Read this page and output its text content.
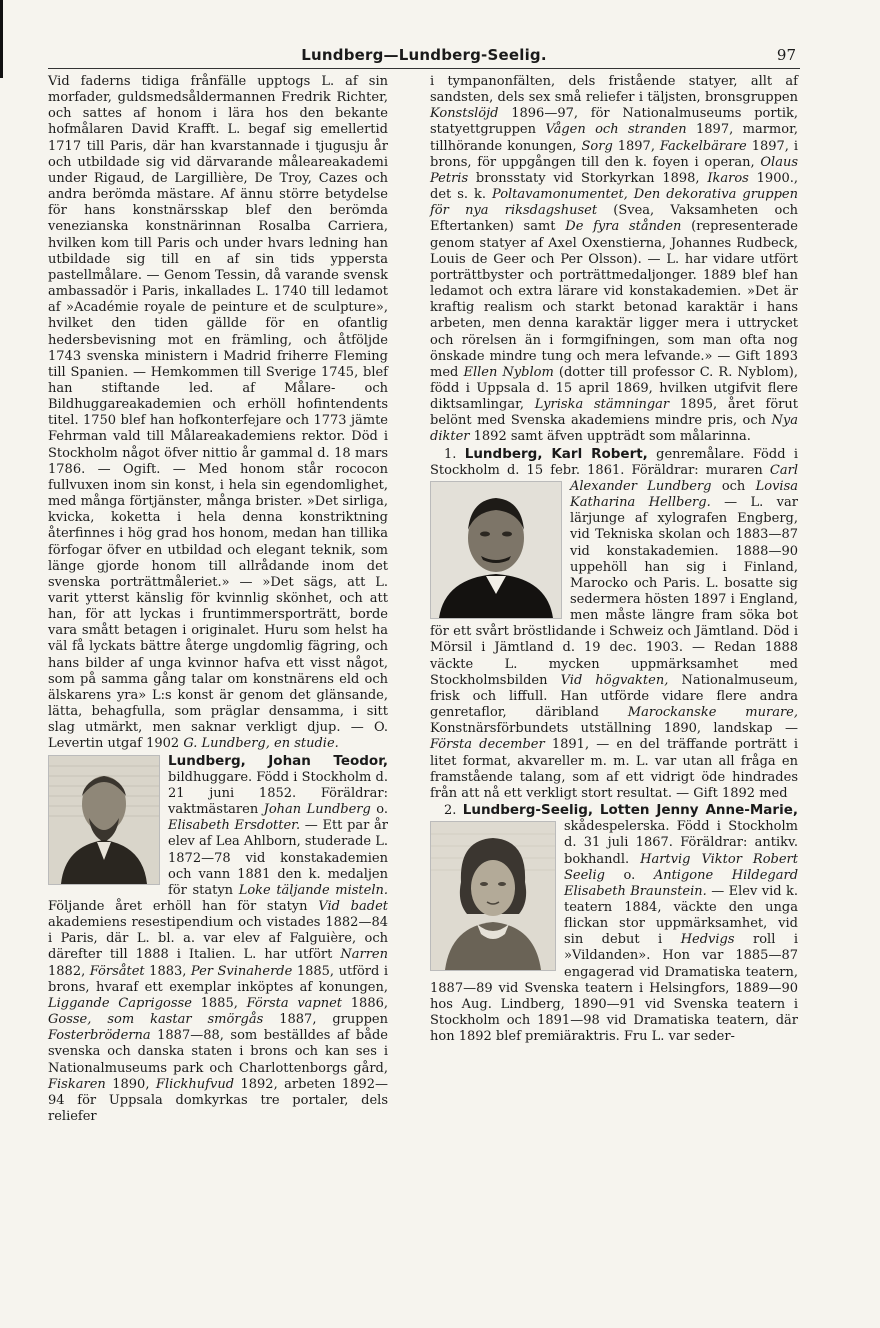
Lundberg—Lundberg-Seelig.	97

Vid faderns tidiga frånfälle upptogs L. af sin morfader, guldsmedsåldermannen Fredrik Richter, och sattes af honom i lära hos den bekante hofmålaren David Krafft. L. begaf sig emellertid 1717 till Paris, där han kvarstannade i tjugusju år och utbildade sig vid därvarande måleareakademi under Rigaud, de Largillière, De Troy, Cazes och andra berömda mästare. Af ännu större betydelse för hans konstnärsskap blef den berömda venezianska konstnärinnan Rosalba Carriera, hvilken kom till Paris och under hvars ledning han utbildade sig till en af sin tids yppersta pastellmålare. — Genom Tessin, då varande svensk ambassadör i Paris, inkallades L. 1740 till ledamot af »Académie royale de peinture et de sculpture», hvilket den tiden gällde för en ofantlig hedersbevisning mot en främling, och åtföljde 1743 svenska ministern i Madrid friherre Fleming till Spanien. — Hemkommen till Sverige 1745, blef han stiftande led. af Målare- och Bildhuggareakademien och erhöll hofintendents titel. 1750 blef han hofkonterfejare och 1773 jämte Fehrman vald till Målareakademiens rektor. Död i Stockholm något öfver nittio år gammal d. 18 mars 1786. — Ogift. — Med honom står rococon fullvuxen inom sin konst, i hela sin egendomlighet, med många förtjänster, många brister. »Det sirliga, kvicka, koketta i hela denna konstriktning återfinnes i hög grad hos honom, medan han tillika förfogar öfver en utbildad och elegant teknik, som länge gjorde honom till allrådande inom det svenska porträttmåleriet.» — »Det sägs, att L. varit ytterst känslig för kvinnlig skönhet, och att han, för att lyckas i fruntimmersporträtt, borde vara smått betagen i originalet. Huru som helst ha väl få lyckats bättre återge ungdomlig fägring, och hans bilder af unga kvinnor hafva ett visst något, som på samma gång talar om konstnärens eld och älskarens yra» L:s konst är genom det glänsande, lätta, behagfulla, som präglar densamma, i sitt slag utmärkt, men saknar verkligt djup. — O. Levertin utgaf 1902 G. Lundberg, en studie.

Lundberg, Johan Teodor, bildhuggare. Född i Stockholm d. 21 juni 1852. Föräldrar: vaktmästaren Johan Lundberg o. Elisabeth Ersdotter. — Ett par år elev af Lea Ahlborn, studerade L. 1872—78 vid konstakademien och vann 1881 den k. medaljen för statyn Loke täljande misteln. Följande året erhöll han för statyn Vid badet akademiens resestipendium och vistades 1882—84 i Paris, där L. bl. a. var elev af Falguière, och därefter till 1888 i Italien. L. har utfört Narren 1882, Försåtet 1883, Per Svinaherde 1885, utförd i brons, hvaraf ett exemplar inköptes af konungen, Liggande Caprigosse 1885, Första vapnet 1886, Gosse, som kastar smörgås 1887, gruppen Fosterbröderna 1887—88, som beställdes af både svenska och danska staten i brons och kan ses i Nationalmuseums park och Charlottenborgs gård, Fiskaren 1890, Flickhufvud 1892, arbeten 1892—94 för Uppsala domkyrkas tre portaler, dels reliefer

i tympanonfälten, dels fristående statyer, allt af sandsten, dels sex små reliefer i täljsten, bronsgruppen Konstslöjd 1896—97, för Nationalmuseums portik, statyettgruppen Vågen och stranden 1897, marmor, tillhörande konungen, Sorg 1897, Fackelbärare 1897, i brons, för uppgången till den k. foyen i operan, Olaus Petris bronsstaty vid Storkyrkan 1898, Ikaros 1900., det s. k. Poltavamonumentet, Den dekorativa gruppen för nya riksdagshuset (Svea, Vaksamheten och Eftertanken) samt De fyra stånden (representerade genom statyer af Axel Oxenstierna, Johannes Rudbeck, Louis de Geer och Per Olsson). — L. har vidare utfört porträttbyster och porträttmedaljonger. 1889 blef han ledamot och extra lärare vid konstakademien. »Det är kraftig realism och starkt betonad karaktär i hans arbeten, men denna karaktär ligger mera i uttrycket och rörelsen än i formgifningen, som man ofta nog önskade mindre tung och mera lefvande.» — Gift 1893 med Ellen Nyblom (dotter till professor C. R. Nyblom), född i Uppsala d. 15 april 1869, hvilken utgifvit flere diktsamlingar, Lyriska stämningar 1895, året förut belönt med Svenska akademiens mindre pris, och Nya dikter 1892 samt äfven uppträdt som målarinna.

1. Lundberg, Karl Robert, genremålare. Född i Stockholm d. 15 febr. 1861. Föräldrar: muraren
Carl Alexander Lundberg och Lovisa Katharina Hellberg. — L. var lärjunge af xylografen Engberg, vid Tekniska skolan och 1883—87 vid konstakademien. 1888—90 uppehöll han sig i Finland, Marocko och Paris. L. bosatte sig sedermera hösten 1897 i England, men måste längre fram söka bot för ett svårt bröstlidande i Schweiz och Jämtland. Död i Mörsil i Jämtland d. 19 dec. 1903. — Redan 1888 väckte L. mycken uppmärksamhet med Stockholmsbilden Vid högvakten, Nationalmuseum, frisk och liffull. Han utförde vidare flere andra genretaflor, däribland Marockanske murare, Konstnärsförbundets utställning 1890, landskap — Första december 1891, — en del träffande porträtt i litet format, akvareller m. m. L. var utan all fråga en framstående talang, som af ett vidrigt öde hindrades från att nå ett verkligt stort resultat. — Gift 1892 med

2. Lundberg-Seelig, Lotten Jenny Anne-Marie,
skådespelerska. Född i Stockholm d. 31 juli 1867. Föräldrar: antikv. bokhandl. Hartvig Viktor Robert Seelig o. Antigone Hildegard Elisabeth Braunstein. — Elev vid k. teatern 1884, väckte den unga flickan stor uppmärksamhet, vid sin debut i Hedvigs roll i »Vildanden». Hon var 1885—87 engagerad vid Dramatiska teatern, 1887—89 vid Svenska teatern i Helsingfors, 1889—90 hos Aug. Lindberg, 1890—91 vid Svenska teatern i Stockholm och 1891—98 vid Dramatiska teatern, där hon 1892 blef premiäraktris. Fru L. var seder-
